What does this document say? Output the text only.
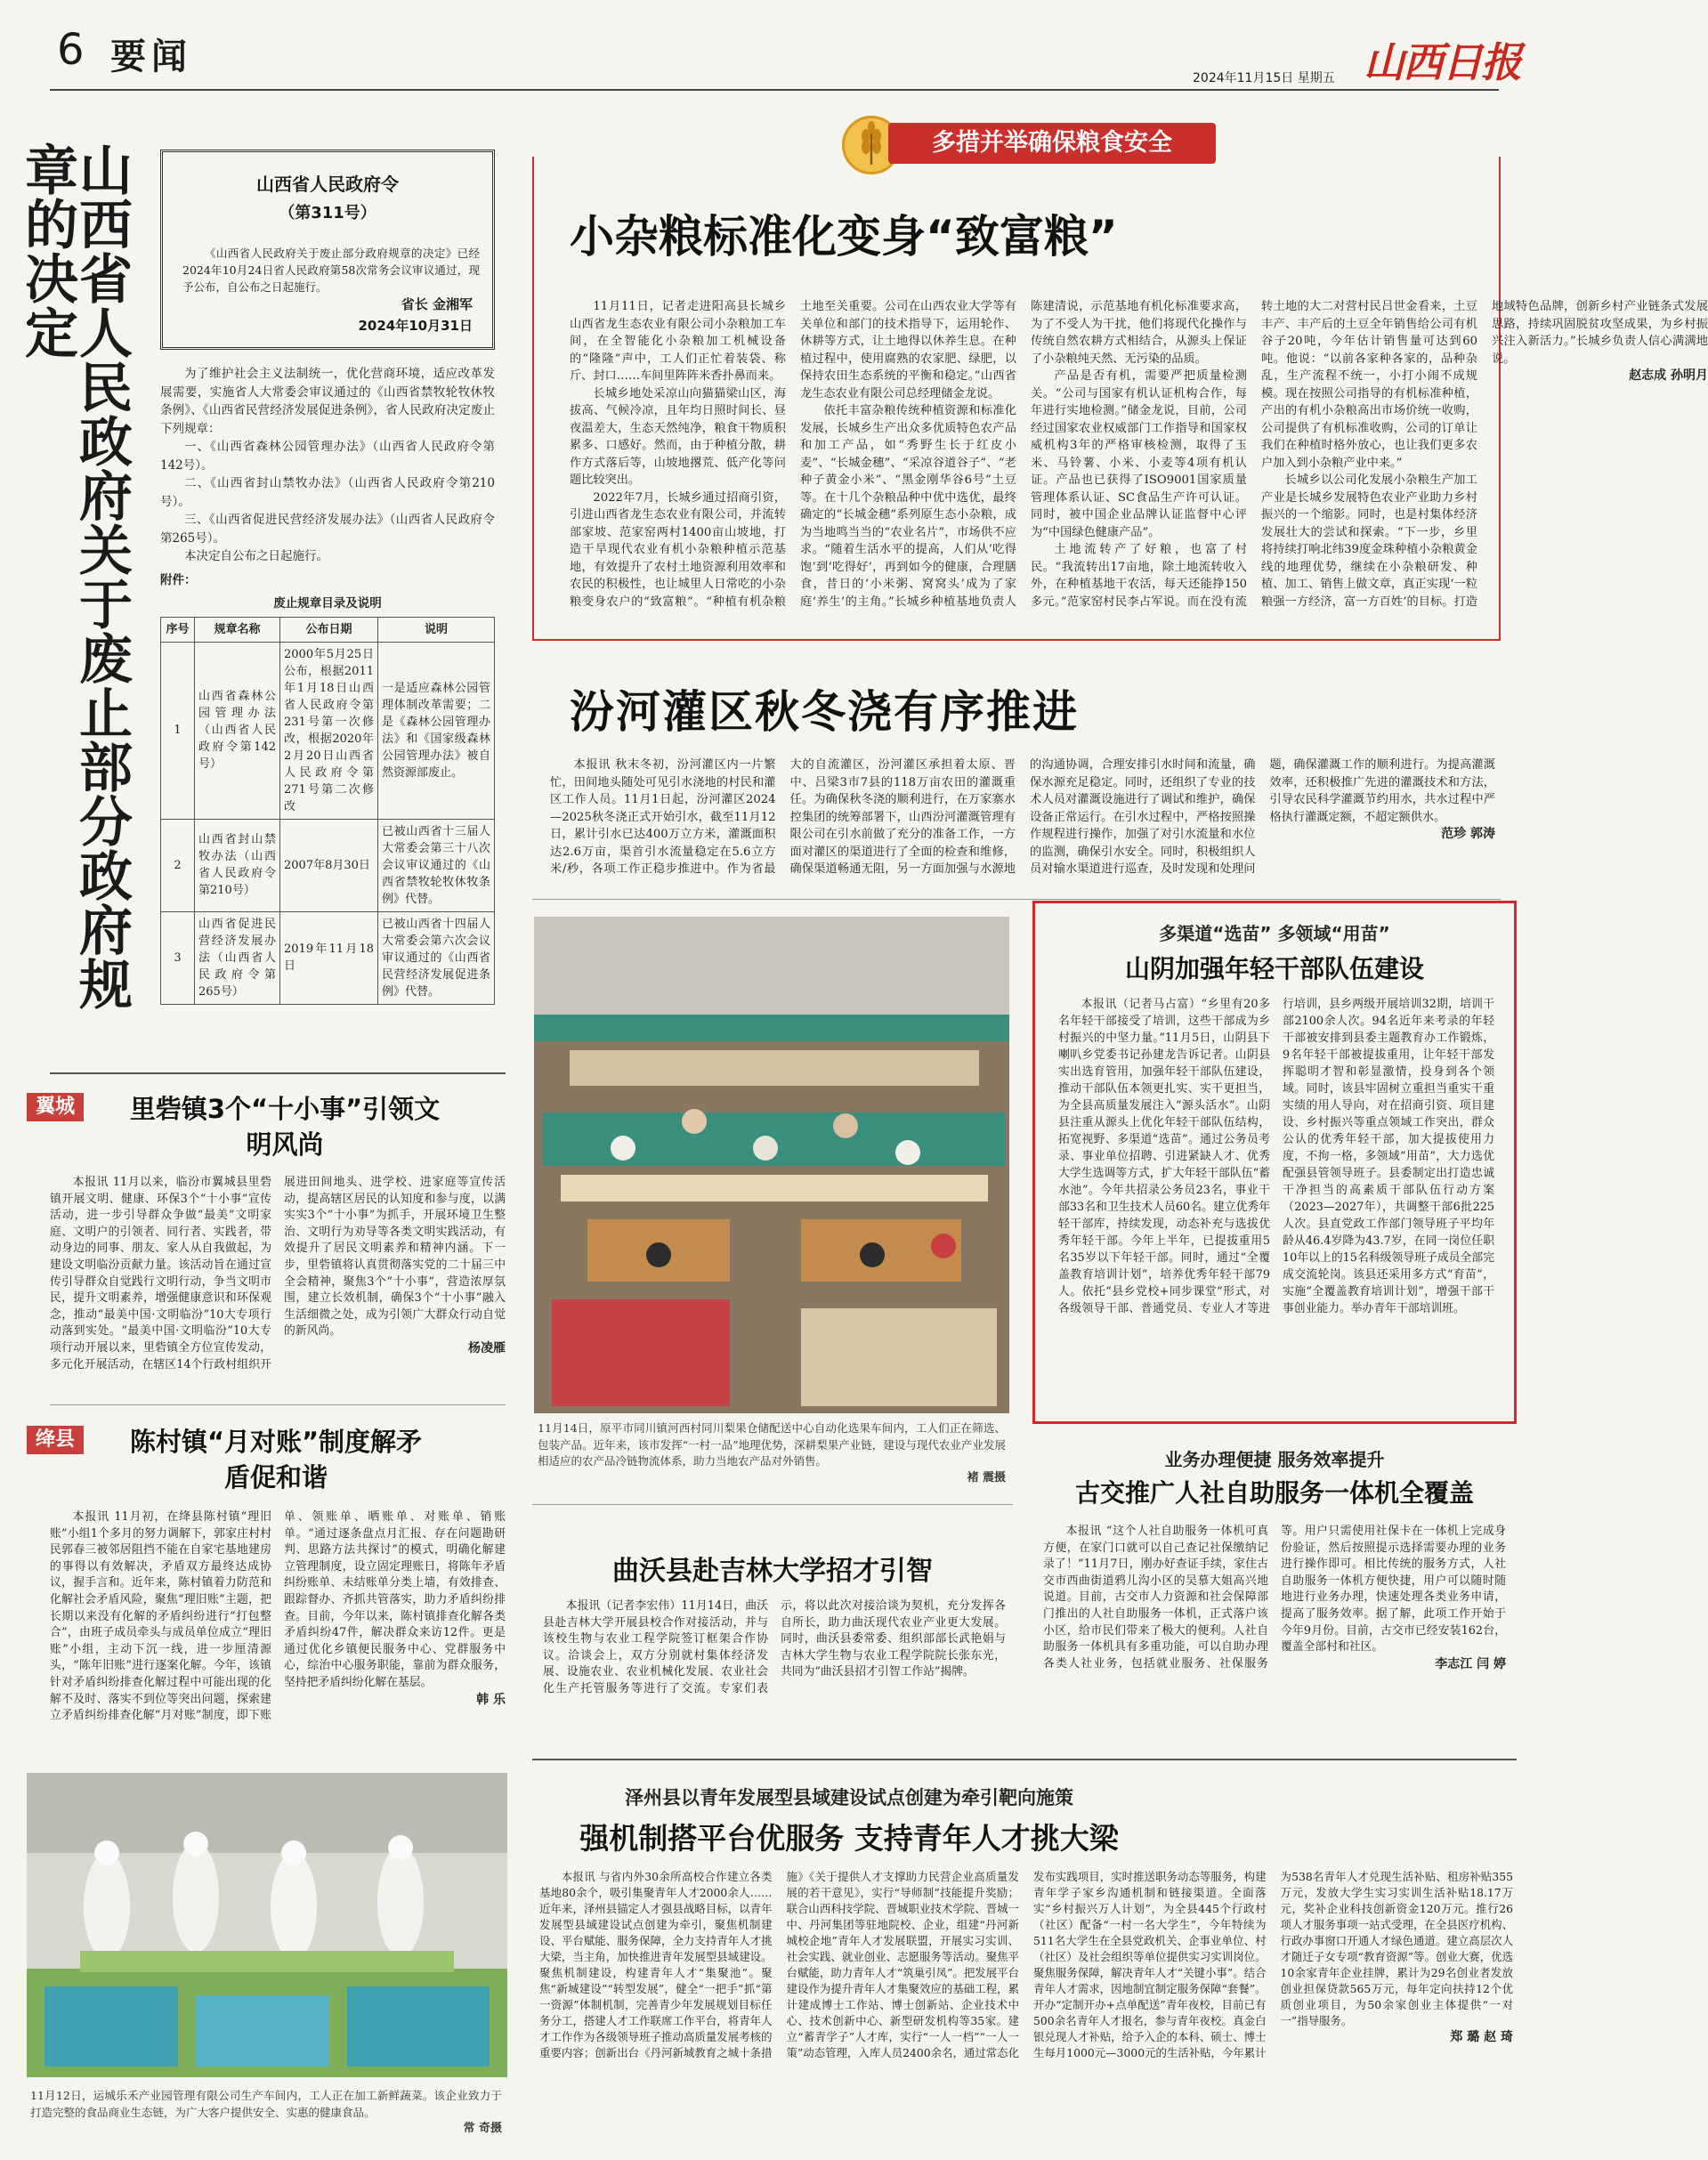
6 要闻
2024年11月15日 星期五 山西日报
多措并举确保粮食安全
山西省人民政府关于废止部分政府规章的决定	山西省人民政府令
（第311号）
《山西省人民政府关于废止部分政府规章的决定》已经2024年10月24日省人民政府第58次常务会议审议通过，现予公布，自公布之日起施行。
省长 金湘军
2024年10月31日

为了维护社会主义法制统一，优化营商环境，适应改革发展需要，实施省人大常委会审议通过的《山西省禁牧轮牧休牧条例》、《山西省民营经济发展促进条例》，省人民政府决定废止下列规章：

一、《山西省森林公园管理办法》（山西省人民政府令第142号）。

二、《山西省封山禁牧办法》（山西省人民政府令第210号）。

三、《山西省促进民营经济发展办法》（山西省人民政府令第265号）。

本决定自公布之日起施行。

附件：
废止规章目录及说明
序号	规章名称	公布日期	说明
1	山西省森林公园管理办法（山西省人民政府令第142号）	2000年5月25日公布，根据2011年1月18日山西省人民政府令第231号第一次修改，根据2020年2月20日山西省人民政府令第271号第二次修改	一是适应森林公园管理体制改革需要；二是《森林公园管理办法》和《国家级森林公园管理办法》被自然资源部废止。
2	山西省封山禁牧办法（山西省人民政府令第210号）	2007年8月30日	已被山西省十三届人大常委会第三十八次会议审议通过的《山西省禁牧轮牧休牧条例》代替。
3	山西省促进民营经济发展办法（山西省人民政府令第265号）	2019年11月18日	已被山西省十四届人大常委会第六次会议审议通过的《山西省民营经济发展促进条例》代替。
小杂粮标准化变身“致富粮”

11月11日，记者走进阳高县长城乡山西省龙生态农业有限公司小杂粮加工车间，在全智能化小杂粮加工机械设备的“隆隆”声中，工人们正忙着装袋、称斤、封口……车间里阵阵米香扑鼻而来。

长城乡地处采凉山向猫猫梁山区，海拔高、气候冷凉，且年均日照时间长、昼夜温差大，生态天然纯净，粮食干物质积累多、口感好。然而，由于种植分散，耕作方式落后等，山坡地撂荒、低产化等问题比较突出。

2022年7月，长城乡通过招商引资，引进山西省龙生态农业有限公司，并流转部家坡、范家窑两村1400亩山坡地，打造干旱现代农业有机小杂粮种植示范基地，有效提升了农村土地资源利用效率和农民的积极性，也让城里人日常吃的小杂粮变身农户的“致富粮”。“种植有机杂粮土地至关重要。公司在山西农业大学等有关单位和部门的技术指导下，运用轮作、休耕等方式，让土地得以休养生息。在种植过程中，使用腐熟的农家肥、绿肥，以保持农田生态系统的平衡和稳定。”山西省龙生态农业有限公司总经理储金龙说。

依托丰富杂粮传统种植资源和标准化发展，长城乡生产出众多优质特色农产品和加工产品，如“秀野生长于红皮小麦”、“长城金穗”、“采凉谷道谷子”、“老种子黄金小米”、“黑金刚华谷6号”土豆等。在十几个杂粮品种中优中选优，最终确定的“长城金穗”系列原生态小杂粮，成为当地鸣当当的“农业名片”，市场供不应求。“随着生活水平的提高，人们从‘吃得饱’到‘吃得好’，再到如今的健康，合理膳食，昔日的‘小米粥、窝窝头’成为了家庭‘养生’的主角。”长城乡种植基地负责人陈建清说，示范基地有机化标准要求高，为了不受人为干扰，他们将现代化操作与传统自然农耕方式相结合，从源头上保证了小杂粮纯天然、无污染的品质。

产品是否有机，需要严把质量检测关。“公司与国家有机认证机构合作，每年进行实地检测。”储金龙说，目前，公司经过国家农业权威部门工作指导和国家权威机构3年的严格审核检测，取得了玉米、马铃薯、小米、小麦等4项有机认证。产品也已获得了ISO9001国家质量管理体系认证、SC食品生产许可认证。同时，被中国企业品牌认证监督中心评为“中国绿色健康产品”。

土地流转产了好粮，也富了村民。“我流转出17亩地，除土地流转收入外，在种植基地干农活，每天还能挣150多元。”范家窑村民李占军说。而在没有流转土地的大二对营村民吕世金看来，土豆丰产、丰产后的土豆全年销售给公司有机谷子20吨，今年估计销售量可达到60吨。他说：“以前各家种各家的，品种杂乱，生产流程不统一，小打小闹不成规模。现在按照公司指导的有机标准种植，产出的有机小杂粮高出市场价统一收购，公司提供了有机标准收购，公司的订单让我们在种植时格外放心，也让我们更多农户加入到小杂粮产业中来。”

长城乡以公司化发展小杂粮生产加工产业是长城乡发展特色农业产业助力乡村振兴的一个缩影。同时，也是村集体经济发展壮大的尝试和探索。“下一步，乡里将持续打响北纬39度金珠种植小杂粮黄金线的地理优势，继续在小杂粮研发、种植、加工、销售上做文章，真正实现‘一粒粮强一方经济，富一方百姓’的目标。打造地域特色品牌，创新乡村产业链条式发展思路，持续巩固脱贫攻坚成果，为乡村振兴注入新活力。”长城乡负责人信心满满地说。

赵志成 孙明月
汾河灌区秋冬浇有序推进

本报讯 秋末冬初，汾河灌区内一片繁忙，田间地头随处可见引水浇地的村民和灌区工作人员。11月1日起，汾河灌区2024—2025秋冬浇正式开始引水，截至11月12日，累计引水已达400万立方米，灌溉面积达2.6万亩，渠首引水流量稳定在5.6立方米/秒，各项工作正稳步推进中。作为省最大的自流灌区，汾河灌区承担着太原、晋中、吕梁3市7县的118万亩农田的灌溉重任。为确保秋冬浇的顺利进行，在万家寨水控集团的统筹部署下，山西汾河灌溉管理有限公司在引水前做了充分的准备工作，一方面对灌区的渠道进行了全面的检查和维修，确保渠道畅通无阻，另一方面加强与水源地的沟通协调，合理安排引水时间和流量，确保水源充足稳定。同时，还组织了专业的技术人员对灌溉设施进行了调试和维护，确保设备正常运行。在引水过程中，严格按照操作规程进行操作，加强了对引水流量和水位的监测，确保引水安全。同时，积极组织人员对输水渠道进行巡查，及时发现和处理问题，确保灌溉工作的顺利进行。为提高灌溉效率，还积极推广先进的灌溉技术和方法，引导农民科学灌溉节约用水，共水过程中严格执行灌溉定额，不超定额供水。

范珍 郭涛
11月14日，原平市同川镇河西村同川梨果仓储配送中心自动化选果车间内，工人们正在筛选、包装产品。近年来，该市发挥“一村一品”地理优势，深耕梨果产业链，建设与现代农业产业发展相适应的农产品冷链物流体系，助力当地农产品对外销售。
褚 震摄
多渠道“选苗” 多领域“用苗”
山阴加强年轻干部队伍建设

本报讯（记者马占富）“乡里有20多名年轻干部接受了培训，这些干部成为乡村振兴的中坚力量。”11月5日，山阴县下喇叭乡党委书记孙建龙告诉记者。山阴县实出选育管用，加强年轻干部队伍建设，推动干部队伍本领更扎实、实干更担当，为全县高质量发展注入“源头活水”。山阴县注重从源头上优化年轻干部队伍结构，拓宽视野、多渠道“选苗”。通过公务员考录、事业单位招聘、引进紧缺人才、优秀大学生选调等方式，扩大年轻干部队伍“蓄水池”。今年共招录公务员23名，事业干部33名和卫生技术人员60名。建立优秀年轻干部库，持续发现，动态补充与选拔优秀年轻干部。今年上半年，已提拔重用5名35岁以下年轻干部。同时，通过“全覆盖教育培训计划”，培养优秀年轻干部79人。依托“县乡党校+同步课堂”形式，对各级领导干部、普通党员、专业人才等进行培训，县乡两级开展培训32期，培训干部2100余人次。94名近年来考录的年轻干部被安排到县委主题教育办工作锻炼，9名年轻干部被提拔重用，让年轻干部发挥聪明才智和彰显激情，投身到各个领域。同时，该县牢固树立重担当重实干重实绩的用人导向，对在招商引资、项目建设、乡村振兴等重点领域工作突出，群众公认的优秀年轻干部，加大提拔使用力度，不拘一格，多领域“用苗”，大力选优配强县管领导班子。县委制定出打造忠诚干净担当的高素质干部队伍行动方案（2023—2027年），共调整干部6批225人次。县直党政工作部门领导班子平均年龄从46.4岁降为43.7岁，在同一岗位任职10年以上的15名科级领导班子成员全部完成交流轮岗。该县还采用多方式“育苗”，实施“全覆盖教育培训计划”，增强干部干事创业能力。举办青年干部培训班。

翼城	里砦镇3个“十小事”引领文明风尚

本报讯 11月以来，临汾市翼城县里砦镇开展文明、健康、环保3个“十小事”宣传活动，进一步引导群众争做“最美”文明家庭、文明户的引领者、同行者、实践者，带动身边的同事、朋友、家人从自我做起，为建设文明临汾贡献力量。该活动旨在通过宣传引导群众自觉践行文明行动，争当文明市民，提升文明素养，增强健康意识和环保观念，推动“最美中国·文明临汾”10大专项行动落到实处。“最美中国·文明临汾”10大专项行动开展以来，里砦镇全方位宣传发动，多元化开展活动，在辖区14个行政村组织开展进田间地头、进学校、进家庭等宣传活动，提高辖区居民的认知度和参与度，以满实实3个“十小事”为抓手，开展环境卫生整治、文明行为劝导等各类文明实践活动，有效提升了居民文明素养和精神内涵。下一步，里砦镇将认真贯彻落实党的二十届三中全会精神，聚焦3个“十小事”，营造浓厚氛围，建立长效机制，确保3个“十小事”融入生活细微之处，成为引领广大群众行动自觉的新风尚。

杨凌雁
绛县	陈村镇“月对账”制度解矛盾促和谐

本报讯 11月初，在绛县陈村镇“理旧账”小组1个多月的努力调解下，郭家庄村村民郭春三被邻居阻挡不能在自家宅基地建房的事得以有效解决，矛盾双方最终达成协议，握手言和。近年来，陈村镇着力防范和化解社会矛盾风险，聚焦“理旧账”主题，把长期以来没有化解的矛盾纠纷进行“打包整合”，由班子成员牵头与成员单位成立“理旧账”小组，主动下沉一线，进一步厘清源头，“陈年旧账”进行逐案化解。今年，该镇针对矛盾纠纷排查化解过程中可能出现的化解不及时、落实不到位等突出问题，探索建立矛盾纠纷排查化解“月对账”制度，即下账单、领账单、晒账单、对账单、销账单。“通过逐条盘点月汇报、存在问题勘研判、思路方法共探讨”的模式，明确化解建立管理制度，设立固定理账日，将陈年矛盾纠纷账单、未结账单分类上墙，有效排查、跟踪督办、齐抓共管落实，助力矛盾纠纷排查。目前，今年以来，陈村镇排查化解各类矛盾纠纷47件，解决群众来访12件。更是通过优化乡镇便民服务中心、党群服务中心，综治中心服务职能，靠前为群众服务，坚持把矛盾纠纷化解在基层。

韩 乐
11月12日，运城乐禾产业园管理有限公司生产车间内，工人正在加工新鲜蔬菜。该企业致力于打造完整的食品商业生态链，为广大客户提供安全、实惠的健康食品。
常 奇摄
曲沃县赴吉林大学招才引智

本报讯（记者李宏伟）11月14日，曲沃县赴吉林大学开展县校合作对接活动，并与该校生物与农业工程学院签订框架合作协议。洽谈会上，双方分别就村集体经济发展、设施农业、农业机械化发展、农业社会化生产托管服务等进行了交流。专家们表示，将以此次对接洽谈为契机，充分发挥各自所长，助力曲沃现代农业产业更大发展。同时，曲沃县委常委、组织部部长武艳娟与吉林大学生物与农业工程学院院长张东光，共同为“曲沃县招才引智工作站”揭牌。

业务办理便捷 服务效率提升
古交推广人社自助服务一体机全覆盖

本报讯 “这个人社自助服务一体机可真方便，在家门口就可以自己查记社保缴纳记录了！”11月7日，刚办好查证手续，家住古交市西曲街道鸦儿沟小区的吴慕大姐高兴地说道。目前，古交市人力资源和社会保障部门推出的人社自助服务一体机，正式落户该小区，给市民们带来了极大的便利。人社自助服务一体机具有多重功能，可以自助办理各类人社业务，包括就业服务、社保服务等。用户只需使用社保卡在一体机上完成身份验证，然后按照提示选择需要办理的业务进行操作即可。相比传统的服务方式，人社自助服务一体机方便快捷，用户可以随时随地进行业务办理，快速处理各类业务申请，提高了服务效率。据了解，此项工作开始于今年9月份。目前，古交市已经安装162台，覆盖全部村和社区。

李志江 闫 婷
泽州县以青年发展型县域建设试点创建为牵引靶向施策
强机制搭平台优服务 支持青年人才挑大梁

本报讯 与省内外30余所高校合作建立各类基地80余个，吸引集聚青年人才2000余人……近年来，泽州县锚定人才强县战略目标，以青年发展型县域建设试点创建为牵引，聚焦机制建设、平台赋能、服务保障，全力支持青年人才挑大梁，当主角，加快推进青年发展型县域建设。聚焦机制建设，构建青年人才“集聚池”。聚焦“新城建设”“转型发展”，健全“一把手”抓“第一资源”体制机制，完善青少年发展规划目标任务分工，搭建人才工作联席工作平台，将青年人才工作作为各级领导班子推动高质量发展考核的重要内容；创新出台《丹河新城教育之城十条措施》《关于提供人才支撑助力民营企业高质量发展的若干意见》，实行“导师制”技能提升奖励；联合山西科技学院、晋城职业技术学院、晋城一中、丹河集团等驻地院校、企业，组建“丹河新城校企地”青年人才发展联盟，开展实习实训、社会实践、就业创业、志愿服务等活动。聚焦平台赋能，助力青年人才“筑巢引凤”。把发展平台建设作为提升青年人才集聚效应的基础工程，累计建成博士工作站、博士创新站、企业技术中心、技术创新中心、新型研发机构等35家。建立“蓄青学子”人才库，实行“一人一档”“一人一策”动态管理，入库人员2400余名，通过常态化发布实践项目，实时推送职务动态等服务，构建青年学子家乡沟通机制和链接渠道。全面落实“乡村振兴万人计划”，为全县445个行政村（社区）配备“一村一名大学生”，今年特续为511名大学生在全县党政机关、企事业单位、村（社区）及社会组织等单位提供实习实训岗位。聚焦服务保障，解决青年人才“关键小事”。结合青年人才需求，因地制宜制定服务保障“套餐”。开办“定制开办+点单配送”青年夜校，目前已有500余名青年人才报名，参与青年夜校。真金白银兑现人才补贴，给予入企的本科、硕士、博士生每月1000元—3000元的生活补贴，今年累计为538名青年人才兑现生活补贴、租房补贴355万元，发放大学生实习实训生活补贴18.17万元，奖补企业科技创新资金120万元。推行26项人才服务事项一站式受理，在全县医疗机构、行政办事窗口开通人才绿色通道。建立高层次人才随迁子女专项“教育资源”等。创业大赛，优选10余家青年企业挂牌，累计为29名创业者发放创业担保贷款565万元，每年定向扶持12个优质创业项目，为50余家创业主体提供“一对一”指导服务。

郑 璐 赵 琦
